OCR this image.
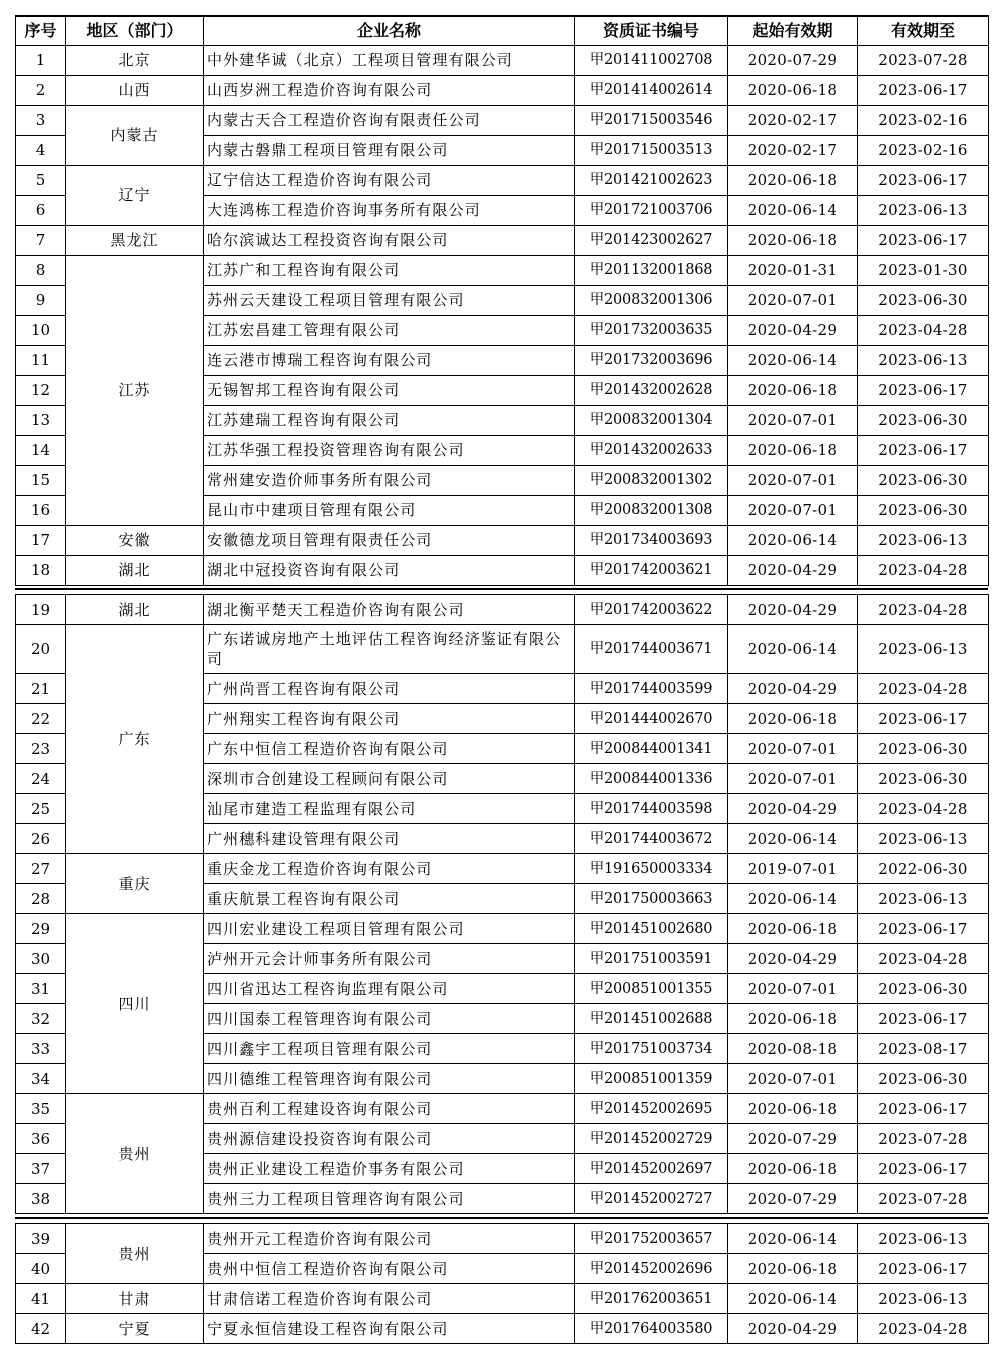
序号	地区（部门）	企业名称	资质证书编号	起始有效期	有效期至
1	北京	中外建华诚（北京）工程项目管理有限公司	甲201411002708	2020-07-29	2023-07-28
2	山西	山西岁洲工程造价咨询有限公司	甲201414002614	2020-06-18	2023-06-17
3	内蒙古	内蒙古天合工程造价咨询有限责任公司	甲201715003546	2020-02-17	2023-02-16
4		内蒙古磐鼎工程项目管理有限公司	甲201715003513	2020-02-17	2023-02-16
5	辽宁	辽宁信达工程造价咨询有限公司	甲201421002623	2020-06-18	2023-06-17
6		大连鸿栋工程造价咨询事务所有限公司	甲201721003706	2020-06-14	2023-06-13
7	黑龙江	哈尔滨诚达工程投资咨询有限公司	甲201423002627	2020-06-18	2023-06-17
8	江苏	江苏广和工程咨询有限公司	甲201132001868	2020-01-31	2023-01-30
9		苏州云天建设工程项目管理有限公司	甲200832001306	2020-07-01	2023-06-30
10		江苏宏昌建工管理有限公司	甲201732003635	2020-04-29	2023-04-28
11		连云港市博瑞工程咨询有限公司	甲201732003696	2020-06-14	2023-06-13
12		无锡智邦工程咨询有限公司	甲201432002628	2020-06-18	2023-06-17
13		江苏建瑞工程咨询有限公司	甲200832001304	2020-07-01	2023-06-30
14		江苏华强工程投资管理咨询有限公司	甲201432002633	2020-06-18	2023-06-17
15		常州建安造价师事务所有限公司	甲200832001302	2020-07-01	2023-06-30
16		昆山市中建项目管理有限公司	甲200832001308	2020-07-01	2023-06-30
17	安徽	安徽德龙项目管理有限责任公司	甲201734003693	2020-06-14	2023-06-13
18	湖北	湖北中冠投资咨询有限公司	甲201742003621	2020-04-29	2023-04-28
19	湖北	湖北衡平楚天工程造价咨询有限公司	甲201742003622	2020-04-29	2023-04-28
20	广东	广东诺诚房地产土地评估工程咨询经济鉴证有限公司	甲201744003671	2020-06-14	2023-06-13
21		广州尚晋工程咨询有限公司	甲201744003599	2020-04-29	2023-04-28
22		广州翔实工程咨询有限公司	甲201444002670	2020-06-18	2023-06-17
23		广东中恒信工程造价咨询有限公司	甲200844001341	2020-07-01	2023-06-30
24		深圳市合创建设工程顾问有限公司	甲200844001336	2020-07-01	2023-06-30
25		汕尾市建造工程监理有限公司	甲201744003598	2020-04-29	2023-04-28
26		广州穗科建设管理有限公司	甲201744003672	2020-06-14	2023-06-13
27	重庆	重庆金龙工程造价咨询有限公司	甲191650003334	2019-07-01	2022-06-30
28		重庆航景工程咨询有限公司	甲201750003663	2020-06-14	2023-06-13
29	四川	四川宏业建设工程项目管理有限公司	甲201451002680	2020-06-18	2023-06-17
30		泸州开元会计师事务所有限公司	甲201751003591	2020-04-29	2023-04-28
31		四川省迅达工程咨询监理有限公司	甲200851001355	2020-07-01	2023-06-30
32		四川国泰工程管理咨询有限公司	甲201451002688	2020-06-18	2023-06-17
33		四川鑫宇工程项目管理有限公司	甲201751003734	2020-08-18	2023-08-17
34		四川德维工程管理咨询有限公司	甲200851001359	2020-07-01	2023-06-30
35	贵州	贵州百利工程建设咨询有限公司	甲201452002695	2020-06-18	2023-06-17
36		贵州源信建设投资咨询有限公司	甲201452002729	2020-07-29	2023-07-28
37		贵州正业建设工程造价事务有限公司	甲201452002697	2020-06-18	2023-06-17
38		贵州三力工程项目管理咨询有限公司	甲201452002727	2020-07-29	2023-07-28
39	贵州	贵州开元工程造价咨询有限公司	甲201752003657	2020-06-14	2023-06-13
40		贵州中恒信工程造价咨询有限公司	甲201452002696	2020-06-18	2023-06-17
41	甘肃	甘肃信诺工程造价咨询有限公司	甲201762003651	2020-06-14	2023-06-13
42	宁夏	宁夏永恒信建设工程咨询有限公司	甲201764003580	2020-04-29	2023-04-28
